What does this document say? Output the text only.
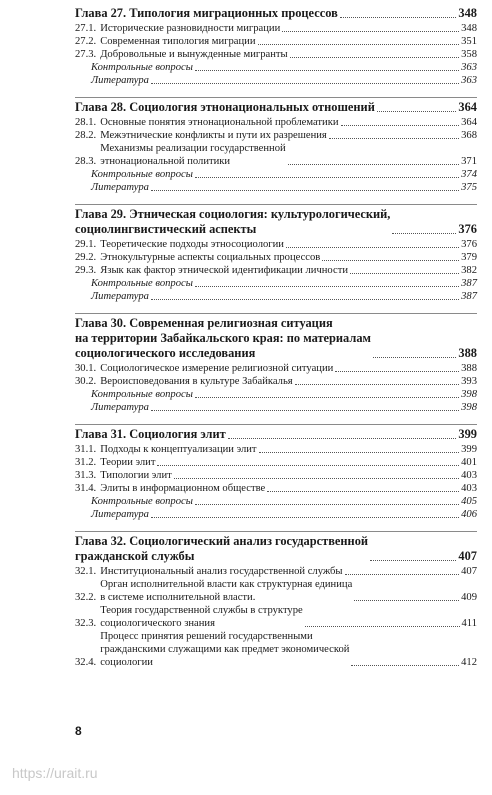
Глава 27. Типология миграционных процессов	348
27.1. Исторические разновидности миграции	348
27.2. Современная типология миграции	351
27.3. Добровольные и вынужденные мигранты	358
Контрольные вопросы	363
Литература	363
Глава 28. Социология этнонациональных отношений	364
28.1. Основные понятия этнонациональной проблематики	364
28.2. Межэтнические конфликты и пути их разрешения	368
28.3.
Механизмы реализации государственной
этнонациональной политики	371
Контрольные вопросы	374
Литература	375
Глава 29. Этническая социология: культурологический,
социолингвистический аспекты	376
29.1. Теоретические подходы этносоциологии	376
29.2. Этнокультурные аспекты социальных процессов	379
29.3. Язык как фактор этнической идентификации личности	382
Контрольные вопросы	387
Литература	387
Глава 30. Современная религиозная ситуация
на территории Забайкальского края: по материалам
социологического исследования	388
30.1. Социологическое измерение религиозной ситуации	388
30.2. Вероисповедования в культуре Забайкалья	393
Контрольные вопросы	398
Литература	398
Глава 31. Социология элит	399
31.1. Подходы к концептуализации элит	399
31.2. Теории элит	401
31.3. Типологии элит	403
31.4. Элиты в информационном обществе	403
Контрольные вопросы	405
Литература	406
Глава 32. Социологический анализ государственной
гражданской службы	407
32.1. Институциональный анализ государственной службы	407
32.2.
Орган исполнительной власти как структурная единица
в системе исполнительной власти.	409
32.3.
Теория государственной службы в структуре
социологического знания	411
32.4.
Процесс принятия решений государственными
гражданскими служащими как предмет экономической
социологии	412
8
https://urait.ru
